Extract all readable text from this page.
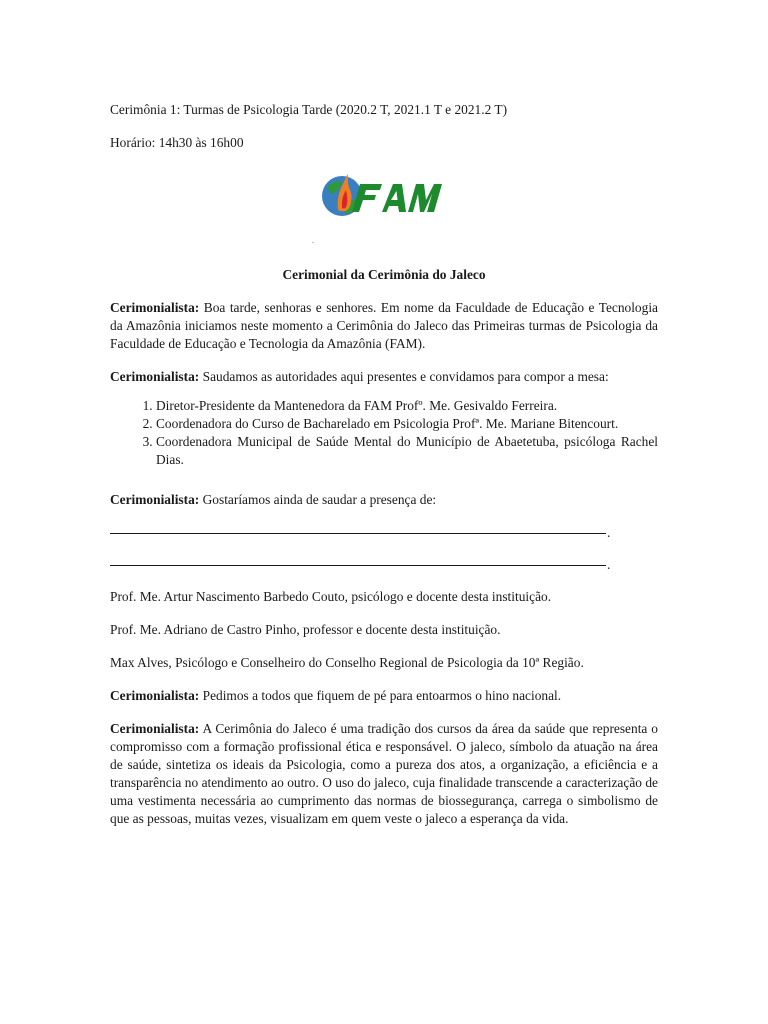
Cerimônia 1: Turmas de Psicologia Tarde (2020.2 T, 2021.1 T e 2021.2 T)

Horário: 14h30 às 16h00

.

Cerimonial da Cerimônia do Jaleco

Cerimonialista: Boa tarde, senhoras e senhores. Em nome da Faculdade de Educação e Tecnologia da Amazônia iniciamos neste momento a Cerimônia do Jaleco das Primeiras turmas de Psicologia da Faculdade de Educação e Tecnologia da Amazônia (FAM).

Cerimonialista: Saudamos as autoridades aqui presentes e convidamos para compor a mesa:

1. Diretor-Presidente da Mantenedora da FAM Profº. Me. Gesivaldo Ferreira.
2. Coordenadora do Curso de Bacharelado em Psicologia Profª. Me. Mariane Bitencourt.
3. Coordenadora Municipal de Saúde Mental do Município de Abaetetuba, psicóloga Rachel Dias.

Cerimonialista: Gostaríamos ainda de saudar a presença de:

.
.

Prof. Me. Artur Nascimento Barbedo Couto, psicólogo e docente desta instituição.

Prof. Me. Adriano de Castro Pinho, professor e docente desta instituição.

Max Alves, Psicólogo e Conselheiro do Conselho Regional de Psicologia da 10ª Região.

Cerimonialista: Pedimos a todos que fiquem de pé para entoarmos o hino nacional.

Cerimonialista: A Cerimônia do Jaleco é uma tradição dos cursos da área da saúde que representa o compromisso com a formação profissional ética e responsável. O jaleco, símbolo da atuação na área de saúde, sintetiza os ideais da Psicologia, como a pureza dos atos, a organização, a eficiência e a transparência no atendimento ao outro. O uso do jaleco, cuja finalidade transcende a caracterização de uma vestimenta necessária ao cumprimento das normas de biossegurança, carrega o simbolismo de que as pessoas, muitas vezes, visualizam em quem veste o jaleco a esperança da vida.
